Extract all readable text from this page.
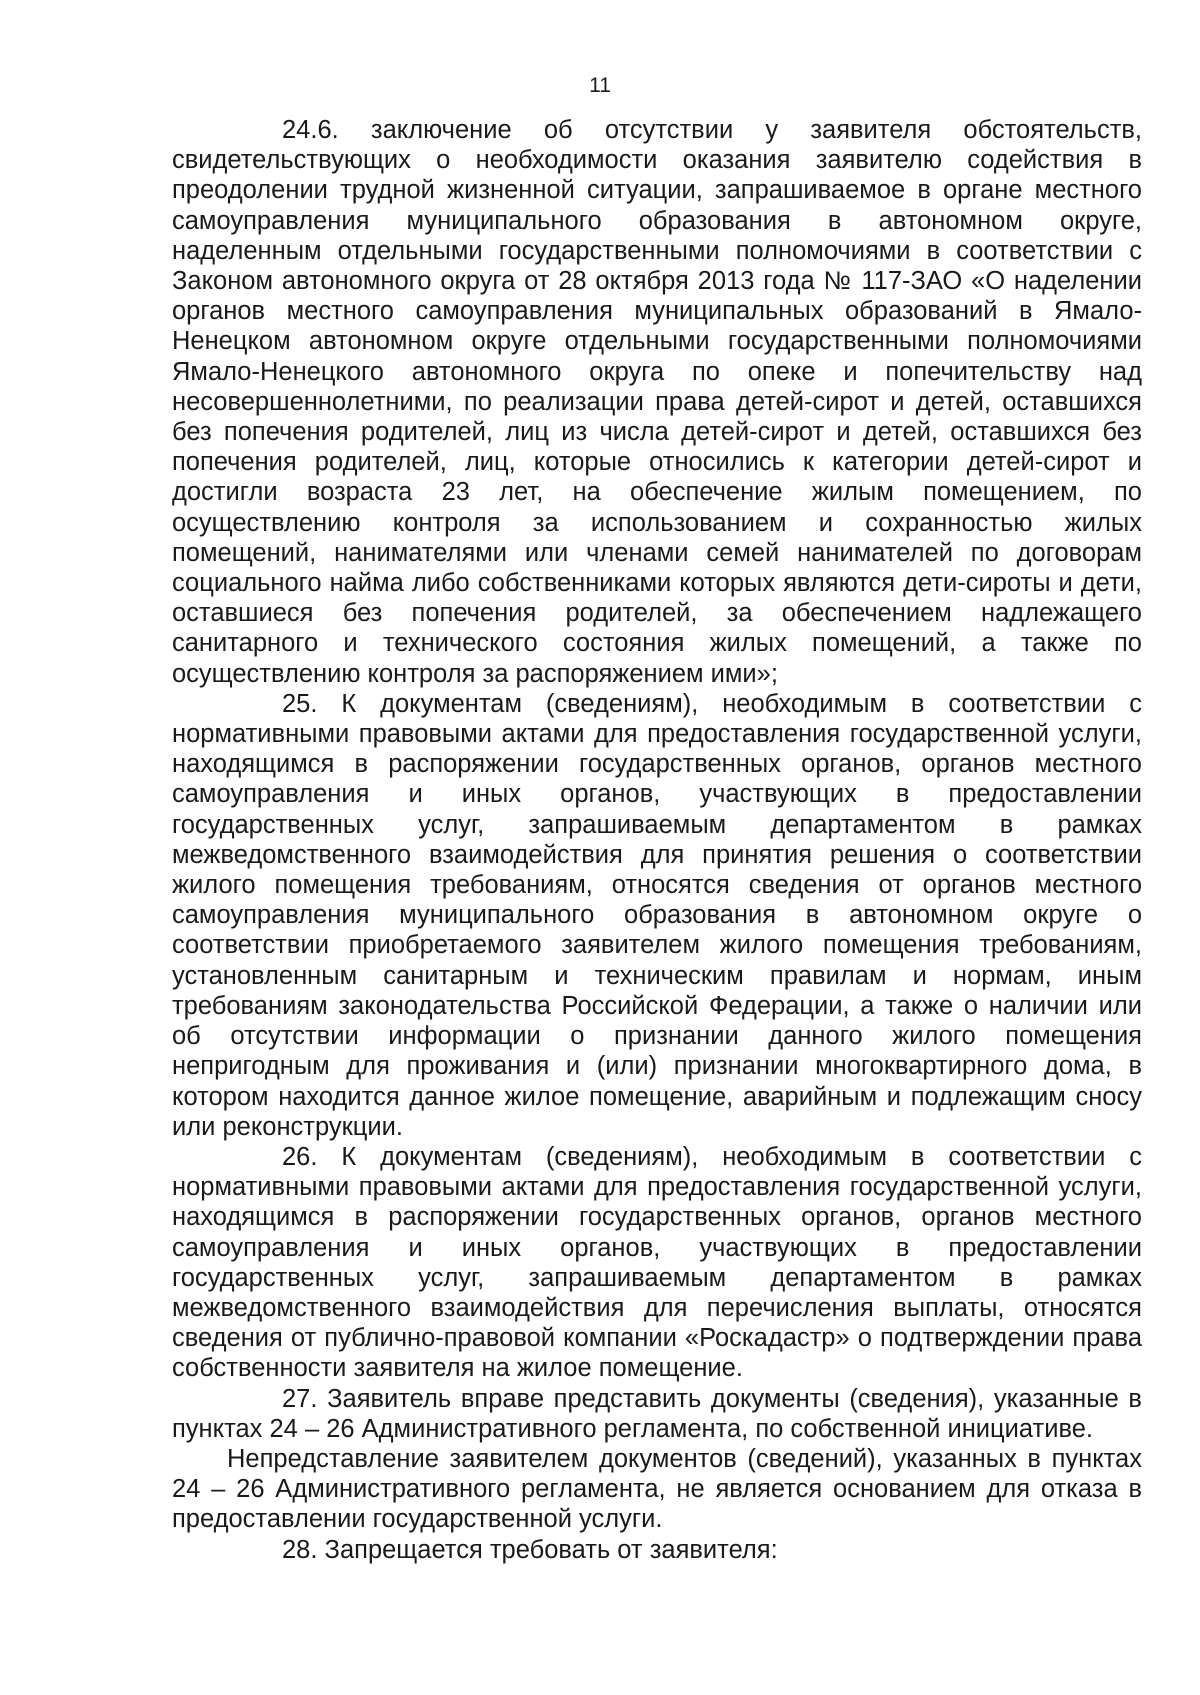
11

24.6. заключение об отсутствии у заявителя обстоятельств, свидетельствующих о необходимости оказания заявителю содействия в преодолении трудной жизненной ситуации, запрашиваемое в органе местного самоуправления муниципального образования в автономном округе, наделенным отдельными государственными полномочиями в соответствии с Законом автономного округа от 28 октября 2013 года № 117-ЗАО «О наделении органов местного самоуправления муниципальных образований в Ямало-Ненецком автономном округе отдельными государственными полномочиями Ямало-Ненецкого автономного округа по опеке и попечительству над несовершеннолетними, по реализации права детей-сирот и детей, оставшихся без попечения родителей, лиц из числа детей-сирот и детей, оставшихся без попечения родителей, лиц, которые относились к категории детей-сирот и достигли возраста 23 лет, на обеспечение жилым помещением, по осуществлению контроля за использованием и сохранностью жилых помещений, нанимателями или членами семей нанимателей по договорам социального найма либо собственниками которых являются дети-сироты и дети, оставшиеся без попечения родителей, за обеспечением надлежащего санитарного и технического состояния жилых помещений, а также по осуществлению контроля за распоряжением ими»;

25. К документам (сведениям), необходимым в соответствии с нормативными правовыми актами для предоставления государственной услуги, находящимся в распоряжении государственных органов, органов местного самоуправления и иных органов, участвующих в предоставлении государственных услуг, запрашиваемым департаментом в рамках межведомственного взаимодействия для принятия решения о соответствии жилого помещения требованиям, относятся сведения от органов местного самоуправления муниципального образования в автономном округе о соответствии приобретаемого заявителем жилого помещения требованиям, установленным санитарным и техническим правилам и нормам, иным требованиям законодательства Российской Федерации, а также о наличии или об отсутствии информации о признании данного жилого помещения непригодным для проживания и (или) признании многоквартирного дома, в котором находится данное жилое помещение, аварийным и подлежащим сносу или реконструкции.

26. К документам (сведениям), необходимым в соответствии с нормативными правовыми актами для предоставления государственной услуги, находящимся в распоряжении государственных органов, органов местного самоуправления и иных органов, участвующих в предоставлении государственных услуг, запрашиваемым департаментом в рамках межведомственного взаимодействия для перечисления выплаты, относятся сведения от публично-правовой компании «Роскадастр» о подтверждении права собственности заявителя на жилое помещение.

27. Заявитель вправе представить документы (сведения), указанные в пунктах 24 – 26 Административного регламента, по собственной инициативе.

Непредставление заявителем документов (сведений), указанных в пунктах 24 – 26 Административного регламента, не является основанием для отказа в предоставлении государственной услуги.

28. Запрещается требовать от заявителя:
